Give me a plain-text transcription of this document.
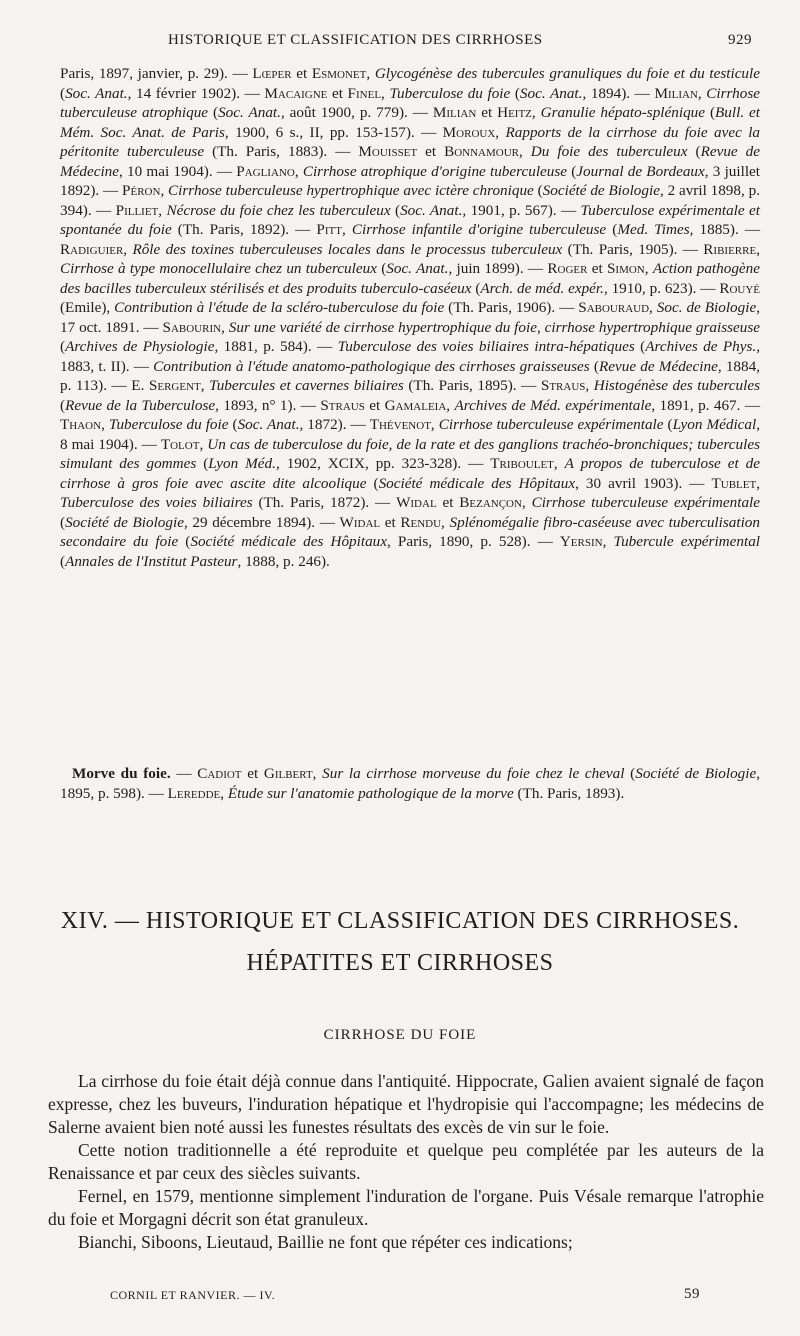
HISTORIQUE ET CLASSIFICATION DES CIRRHOSES	929

Paris, 1897, janvier, p. 29). — Lœper et Esmonet, Glycogénèse des tubercules granuliques du foie et du testicule (Soc. Anat., 14 février 1902). — Macaigne et Finel, Tuberculose du foie (Soc. Anat., 1894). — Milian, Cirrhose tuberculeuse atrophique (Soc. Anat., août 1900, p. 779). — Milian et Heitz, Granulie hépato-splénique (Bull. et Mém. Soc. Anat. de Paris, 1900, 6 s., II, pp. 153-157). — Moroux, Rapports de la cirrhose du foie avec la péritonite tuberculeuse (Th. Paris, 1883). — Mouisset et Bonnamour, Du foie des tuberculeux (Revue de Médecine, 10 mai 1904). — Pagliano, Cirrhose atrophique d'origine tuberculeuse (Journal de Bordeaux, 3 juillet 1892). — Péron, Cirrhose tuberculeuse hypertrophique avec ictère chronique (Société de Biologie, 2 avril 1898, p. 394). — Pilliet, Nécrose du foie chez les tuberculeux (Soc. Anat., 1901, p. 567). — Tuberculose expérimentale et spontanée du foie (Th. Paris, 1892). — Pitt, Cirrhose infantile d'origine tuberculeuse (Med. Times, 1885). — Radiguier, Rôle des toxines tuberculeuses locales dans le processus tuberculeux (Th. Paris, 1905). — Ribierre, Cirrhose à type monocellulaire chez un tuberculeux (Soc. Anat., juin 1899). — Roger et Simon, Action pathogène des bacilles tuberculeux stérilisés et des produits tuberculo-caséeux (Arch. de méd. expér., 1910, p. 623). — Rouyé (Emile), Contribution à l'étude de la scléro-tuberculose du foie (Th. Paris, 1906). — Sabouraud, Soc. de Biologie, 17 oct. 1891. — Sabourin, Sur une variété de cirrhose hypertrophique du foie, cirrhose hypertrophique graisseuse (Archives de Physiologie, 1881, p. 584). — Tuberculose des voies biliaires intra-hépatiques (Archives de Phys., 1883, t. II). — Contribution à l'étude anatomo-pathologique des cirrhoses graisseuses (Revue de Médecine, 1884, p. 113). — E. Sergent, Tubercules et cavernes biliaires (Th. Paris, 1895). — Straus, Histogénèse des tubercules (Revue de la Tuberculose, 1893, n° 1). — Straus et Gamaleia, Archives de Méd. expérimentale, 1891, p. 467. — Thaon, Tuberculose du foie (Soc. Anat., 1872). — Thévenot, Cirrhose tuberculeuse expérimentale (Lyon Médical, 8 mai 1904). — Tolot, Un cas de tuberculose du foie, de la rate et des ganglions trachéo-bronchiques; tubercules simulant des gommes (Lyon Méd., 1902, XCIX, pp. 323-328). — Triboulet, A propos de tuberculose et de cirrhose à gros foie avec ascite dite alcoolique (Société médicale des Hôpitaux, 30 avril 1903). — Tublet, Tuberculose des voies biliaires (Th. Paris, 1872). — Widal et Bezançon, Cirrhose tuberculeuse expérimentale (Société de Biologie, 29 décembre 1894). — Widal et Rendu, Splénomégalie fibro-caséeuse avec tuberculisation secondaire du foie (Société médicale des Hôpitaux, Paris, 1890, p. 528). — Yersin, Tubercule expérimental (Annales de l'Institut Pasteur, 1888, p. 246).

Morve du foie. — Cadiot et Gilbert, Sur la cirrhose morveuse du foie chez le cheval (Société de Biologie, 1895, p. 598). — Leredde, Étude sur l'anatomie pathologique de la morve (Th. Paris, 1893).

XIV. — HISTORIQUE ET CLASSIFICATION DES CIRRHOSES.
HÉPATITES ET CIRRHOSES
CIRRHOSE DU FOIE

La cirrhose du foie était déjà connue dans l'antiquité. Hippocrate, Galien avaient signalé de façon expresse, chez les buveurs, l'induration hépatique et l'hydropisie qui l'accompagne; les médecins de Salerne avaient bien noté aussi les funestes résultats des excès de vin sur le foie.

Cette notion traditionnelle a été reproduite et quelque peu complétée par les auteurs de la Renaissance et par ceux des siècles suivants.

Fernel, en 1579, mentionne simplement l'induration de l'organe. Puis Vésale remarque l'atrophie du foie et Morgagni décrit son état granuleux.

Bianchi, Siboons, Lieutaud, Baillie ne font que répéter ces indications;

CORNIL ET RANVIER. — IV.	59
